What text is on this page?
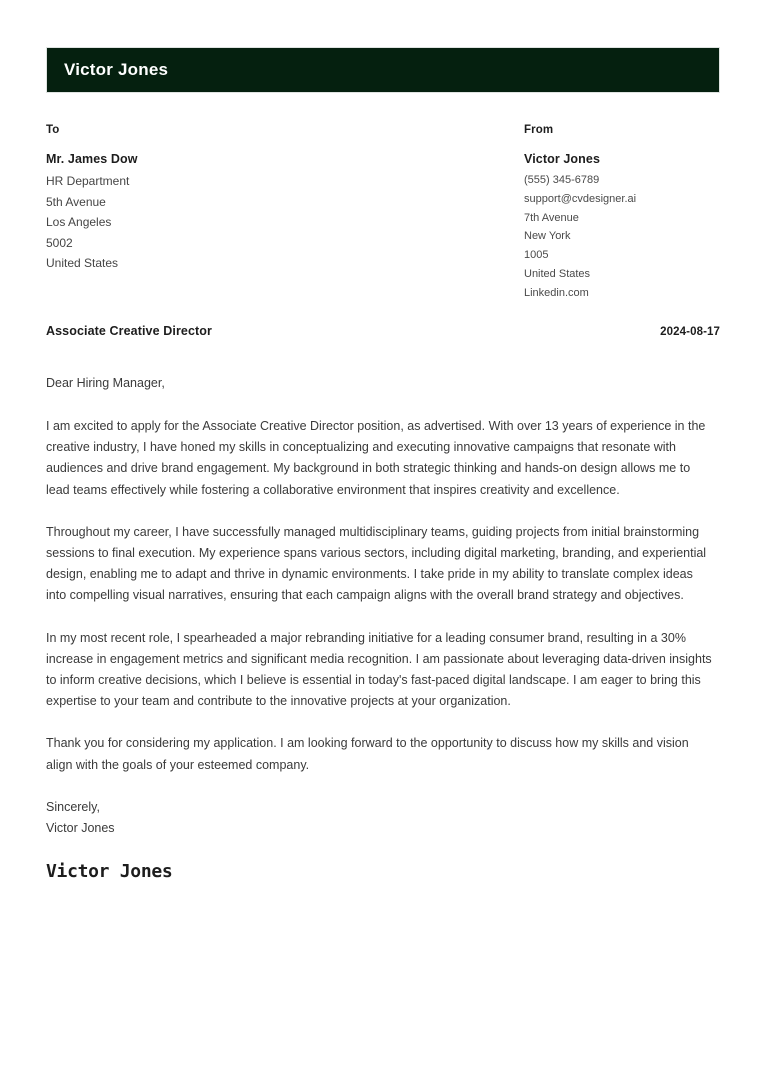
Victor Jones
To
Mr. James Dow
HR Department
5th Avenue
Los Angeles
5002
United States
From
Victor Jones
(555) 345-6789
support@cvdesigner.ai
7th Avenue
New York
1005
United States
Linkedin.com
Associate Creative Director	2024-08-17
Dear Hiring Manager,

I am excited to apply for the Associate Creative Director position, as advertised. With over 13 years of experience in the creative industry, I have honed my skills in conceptualizing and executing innovative campaigns that resonate with audiences and drive brand engagement. My background in both strategic thinking and hands-on design allows me to lead teams effectively while fostering a collaborative environment that inspires creativity and excellence.

Throughout my career, I have successfully managed multidisciplinary teams, guiding projects from initial brainstorming sessions to final execution. My experience spans various sectors, including digital marketing, branding, and experiential design, enabling me to adapt and thrive in dynamic environments. I take pride in my ability to translate complex ideas into compelling visual narratives, ensuring that each campaign aligns with the overall brand strategy and objectives.

In my most recent role, I spearheaded a major rebranding initiative for a leading consumer brand, resulting in a 30% increase in engagement metrics and significant media recognition. I am passionate about leveraging data-driven insights to inform creative decisions, which I believe is essential in today's fast-paced digital landscape. I am eager to bring this expertise to your team and contribute to the innovative projects at your organization.

Thank you for considering my application. I am looking forward to the opportunity to discuss how my skills and vision align with the goals of your esteemed company.

Sincerely,
Victor Jones
Victor Jones
